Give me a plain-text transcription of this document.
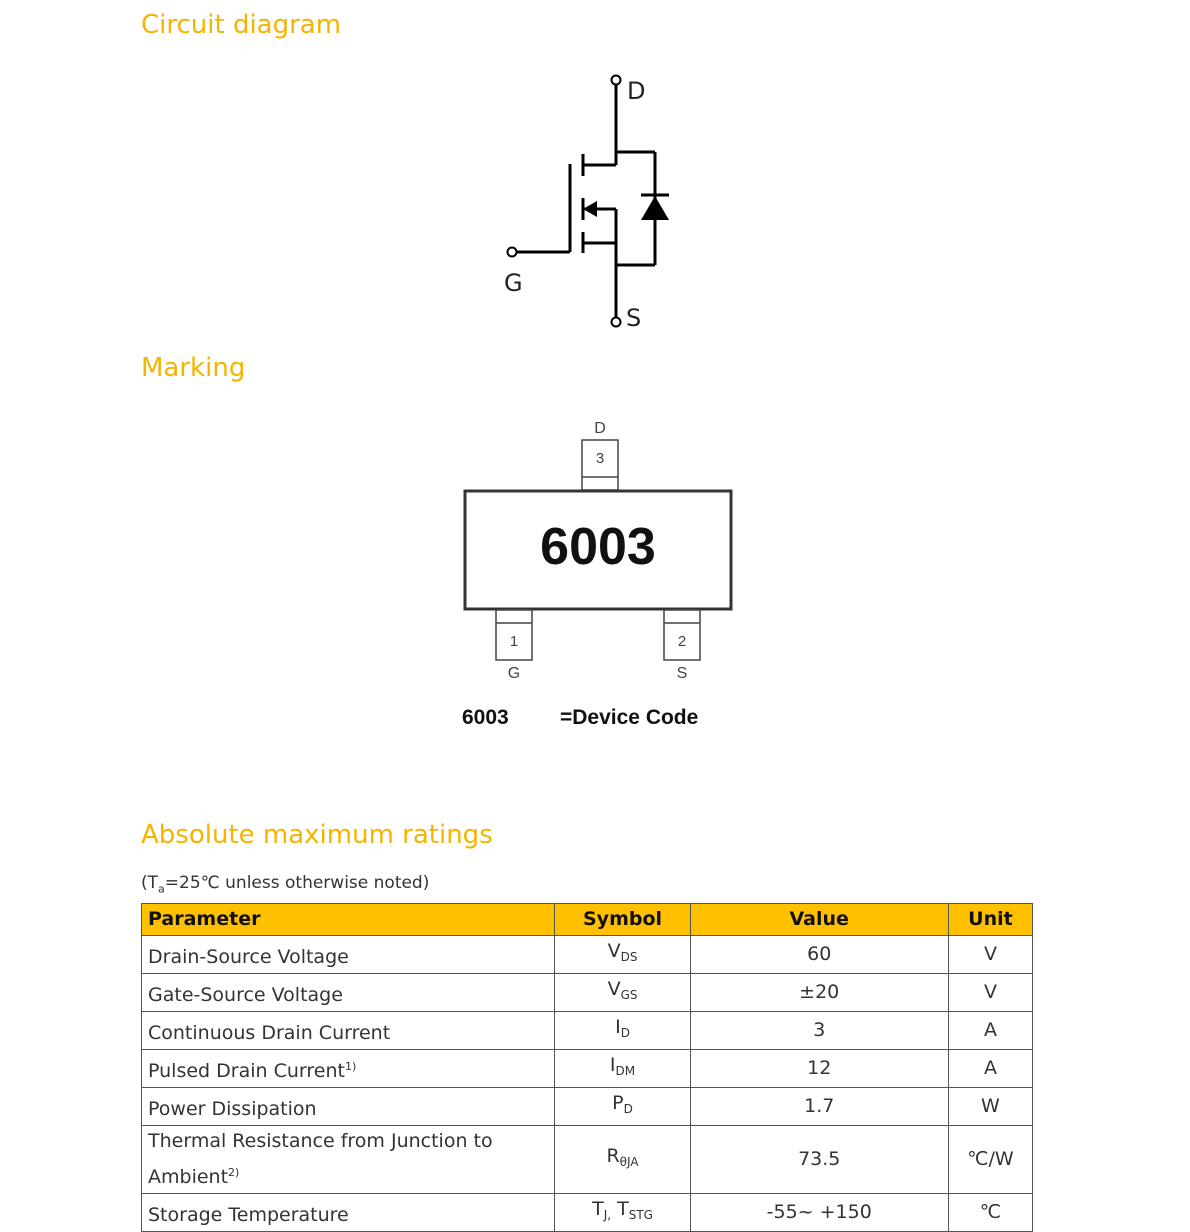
Circuit diagram
D
G
S
Marking
D
3
6003
1
G
2
S
6003 =Device Code
Absolute maximum ratings
($T_a=25℃$ unless otherwise noted)
Parameter	Symbol	Value	Unit
Drain-Source Voltage	$V_{DS}$	60	V
Gate-Source Voltage	$V_{GS}$	±20	V
Continuous Drain Current	$I_D$	3	A
Pulsed Drain Current$^{1)}$	$I_{DM}$	12	A
Power Dissipation	$P_D$	1.7	W
Thermal Resistance from Junction to Ambient$^{2)}$	$R_{\theta JA}$	73.5	℃/W
Storage Temperature	$T_{J,}$ $T_{STG}$	-55~ +150	℃
